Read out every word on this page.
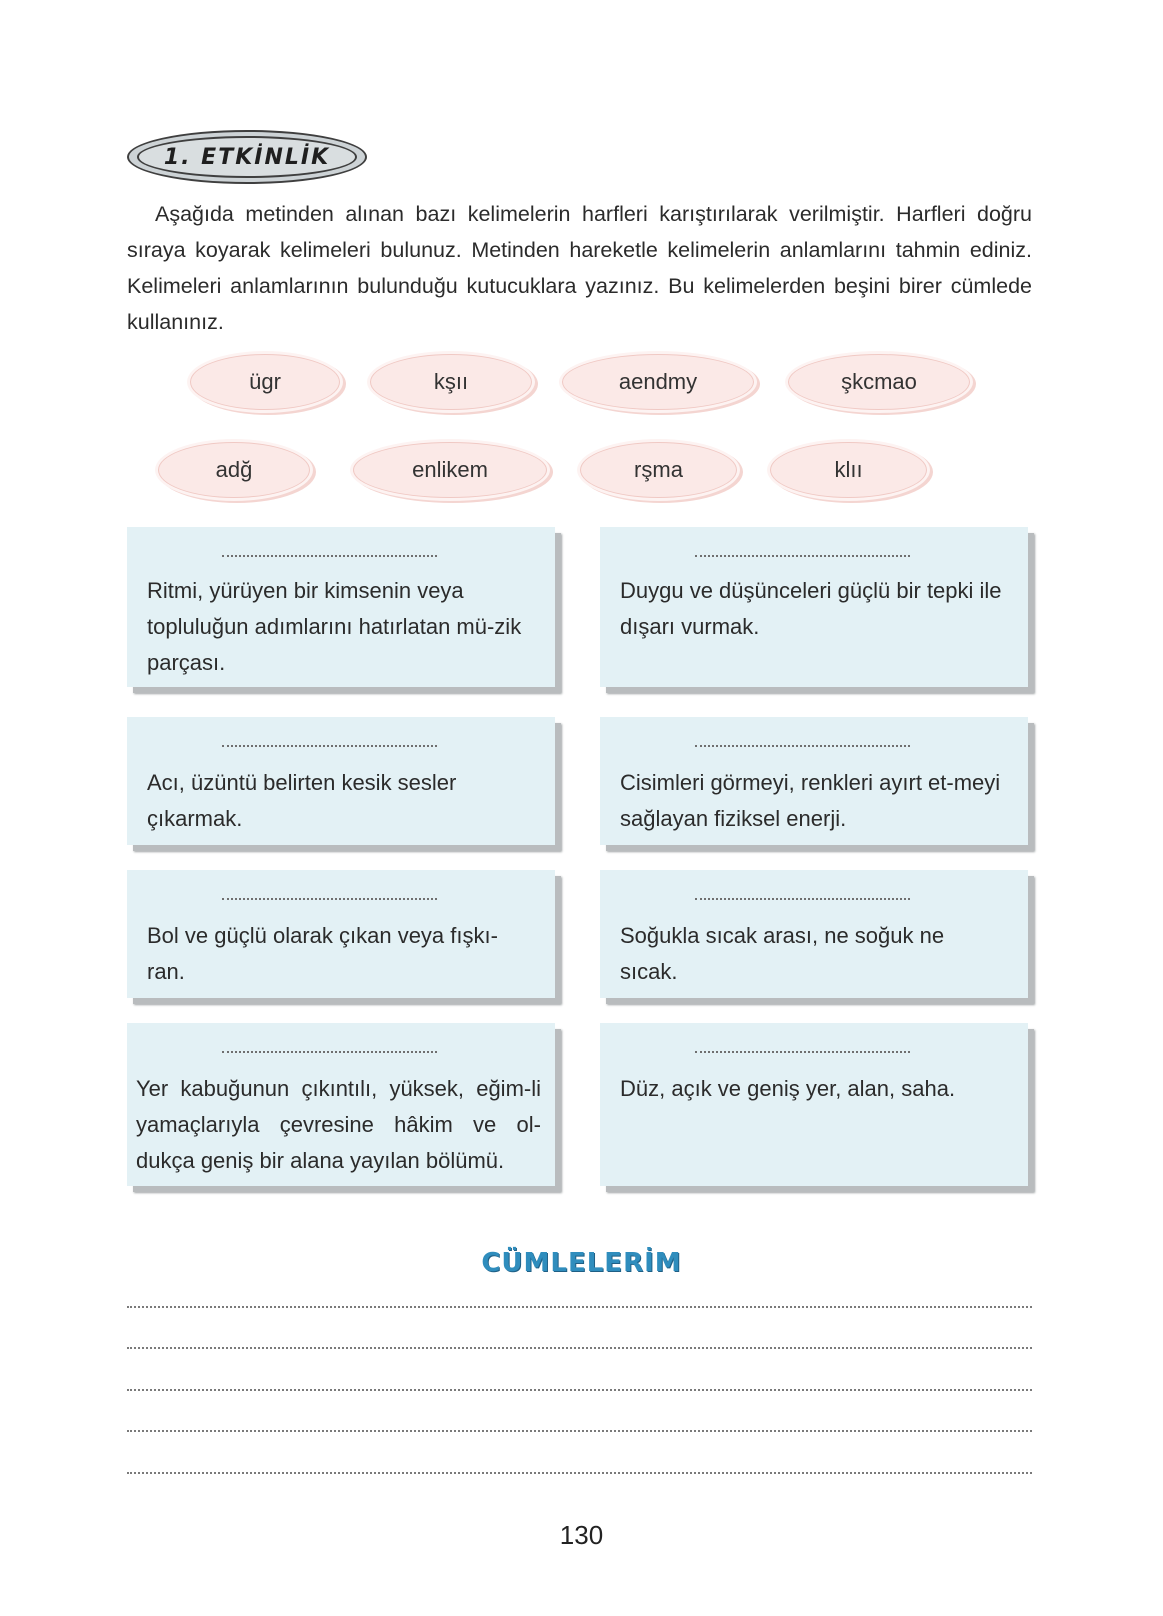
1. ETKİNLİK
Aşağıda metinden alınan bazı kelimelerin harfleri karıştırılarak verilmiştir. Harfleri doğru sıraya koyarak kelimeleri bulunuz. Metinden hareketle kelimelerin anlamlarını tahmin ediniz. Kelimeleri anlamlarının bulunduğu kutucuklara yazınız. Bu kelimelerden beşini birer cümlede kullanınız.
ügr	kşıı	aendmy	şkcmao
adğ	enlikem	rşma	klıı
Ritmi, yürüyen bir kimsenin veya topluluğun adımlarını hatırlatan mü-zik parçası.
Duygu ve düşünceleri güçlü bir tepki ile dışarı vurmak.
Acı, üzüntü belirten kesik sesler çıkarmak.
Cisimleri görmeyi, renkleri ayırt et-meyi sağlayan fiziksel enerji.
Bol ve güçlü olarak çıkan veya fışkı-ran.
Soğukla sıcak arası, ne soğuk ne sıcak.
Yer kabuğunun çıkıntılı, yüksek, eğim-li yamaçlarıyla çevresine hâkim ve ol-dukça geniş bir alana yayılan bölümü.
Düz, açık ve geniş yer, alan, saha.
CÜMLELERİM
130
